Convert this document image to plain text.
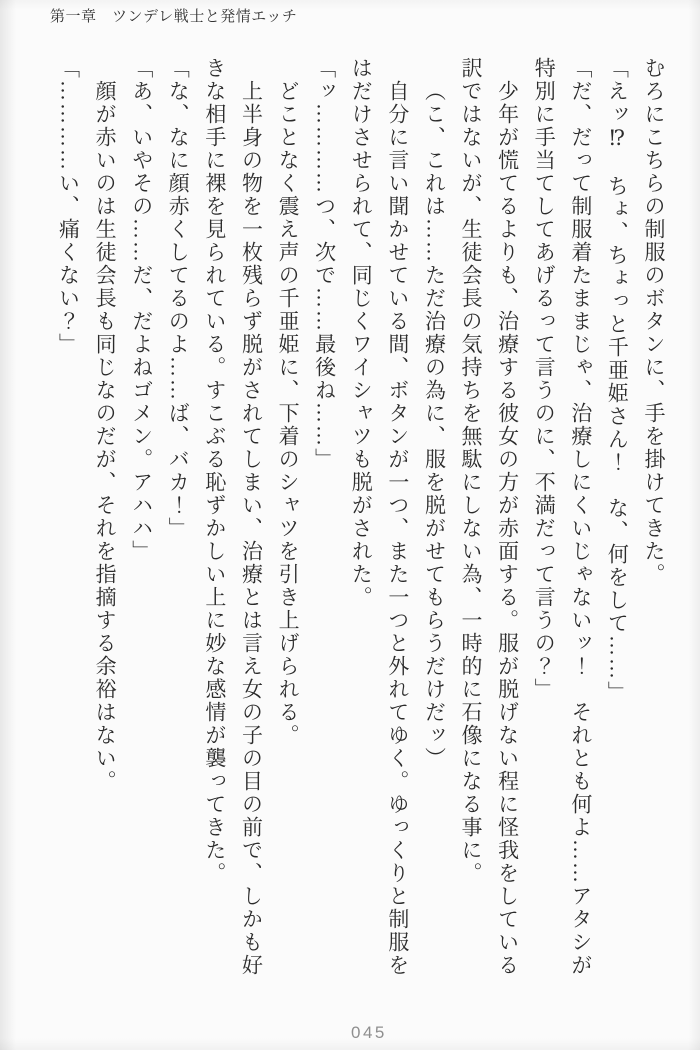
第一章　ツンデレ戦士と発情エッチ

むろにこちらの制服のボタンに、手を掛けてきた。

「えッ⁉　ちょ、ちょっと千亜姫さん！　な、何をして……」

「だ、だって制服着たままじゃ、治療しにくいじゃないッ！　それとも何よ……アタシが

特別に手当てしてあげるって言うのに、不満だって言うの？」

少年が慌てるよりも、治療する彼女の方が赤面する。服が脱げない程に怪我をしている

訳ではないが、生徒会長の気持ちを無駄にしない為、一時的に石像になる事に。

（こ、これは……ただ治療の為に、服を脱がせてもらうだけだッ）

自分に言い聞かせている間、ボタンが一つ、また一つと外れてゆく。ゆっくりと制服を

はだけさせられて、同じくワイシャツも脱がされた。

「ッ…………つ、次で……最後ね……」

どことなく震え声の千亜姫に、下着のシャツを引き上げられる。

上半身の物を一枚残らず脱がされてしまい、治療とは言え女の子の目の前で、しかも好

きな相手に裸を見られている。すこぶる恥ずかしい上に妙な感情が襲ってきた。

「な、なに顔赤くしてるのよ……ば、バカ！」

「あ、いやその……だ、だよねゴメン。アハハ」

顔が赤いのは生徒会長も同じなのだが、それを指摘する余裕はない。

「…………い、痛くない？」

045
